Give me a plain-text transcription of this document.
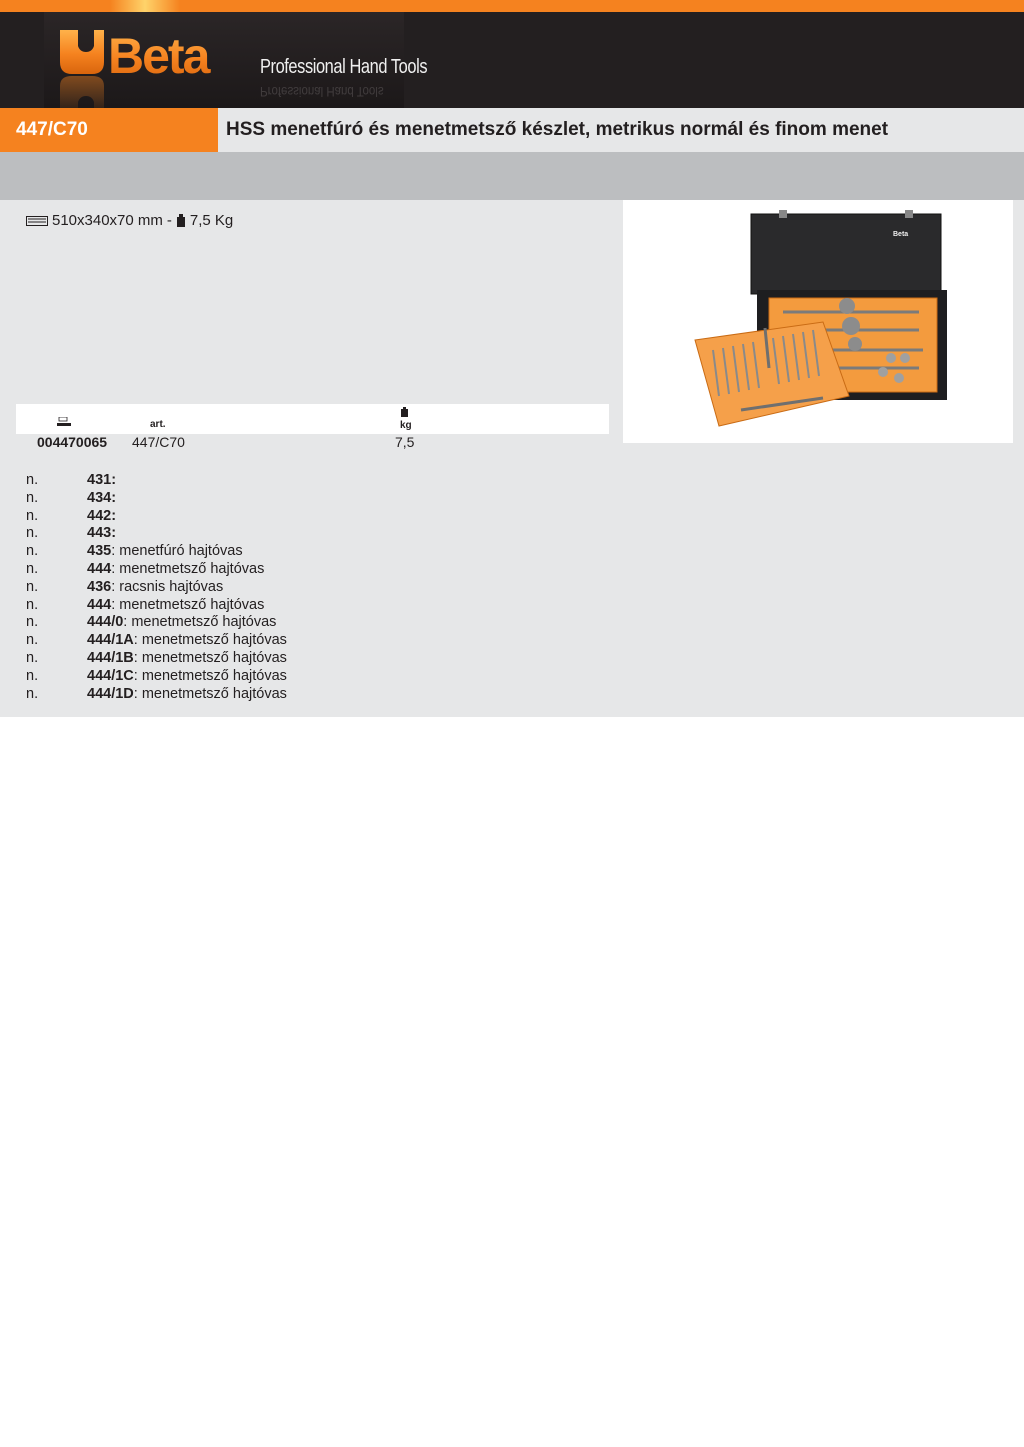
Beta	Professional Hand Tools
Professional Hand Tools
447/C70	HSS menetfúró és menetmetsző készlet, metrikus normál és finom menet
510x340x70 mm - 7,5 Kg
Beta
art.	kg
004470065 447/C70	7,5
n.	431:
n.	434:
n.	442:
n.	443:
n.	435: menetfúró hajtóvas
n.	444: menetmetsző hajtóvas
n.	436: racsnis hajtóvas
n.	444: menetmetsző hajtóvas
n.	444/0: menetmetsző hajtóvas
n.	444/1A: menetmetsző hajtóvas
n.	444/1B: menetmetsző hajtóvas
n.	444/1C: menetmetsző hajtóvas
n.	444/1D: menetmetsző hajtóvas
